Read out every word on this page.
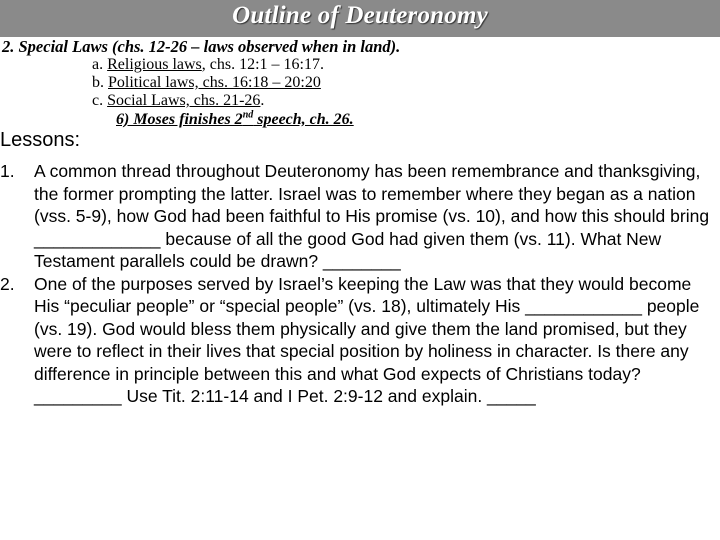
Outline of Deuteronomy
2. Special Laws (chs. 12-26 – laws observed when in land).
a. Religious laws, chs. 12:1 – 16:17.
b. Political laws, chs. 16:18 – 20:20
c. Social Laws, chs. 21-26.
6) Moses finishes 2nd speech, ch. 26.
Lessons:
1. A common thread throughout Deuteronomy has been remembrance and thanksgiving, the former prompting the latter. Israel was to remember where they began as a nation (vss. 5-9), how God had been faithful to His promise (vs. 10), and how this should bring _____________ because of all the good God had given them (vs. 11). What New Testament parallels could be drawn? ________
2. One of the purposes served by Israel’s keeping the Law was that they would become His “peculiar people” or “special people” (vs. 18), ultimately His ____________ people (vs. 19). God would bless them physically and give them the land promised, but they were to reflect in their lives that special position by holiness in character. Is there any difference in principle between this and what God expects of Christians today? _________ Use Tit. 2:11-14 and I Pet. 2:9-12 and explain. _____
